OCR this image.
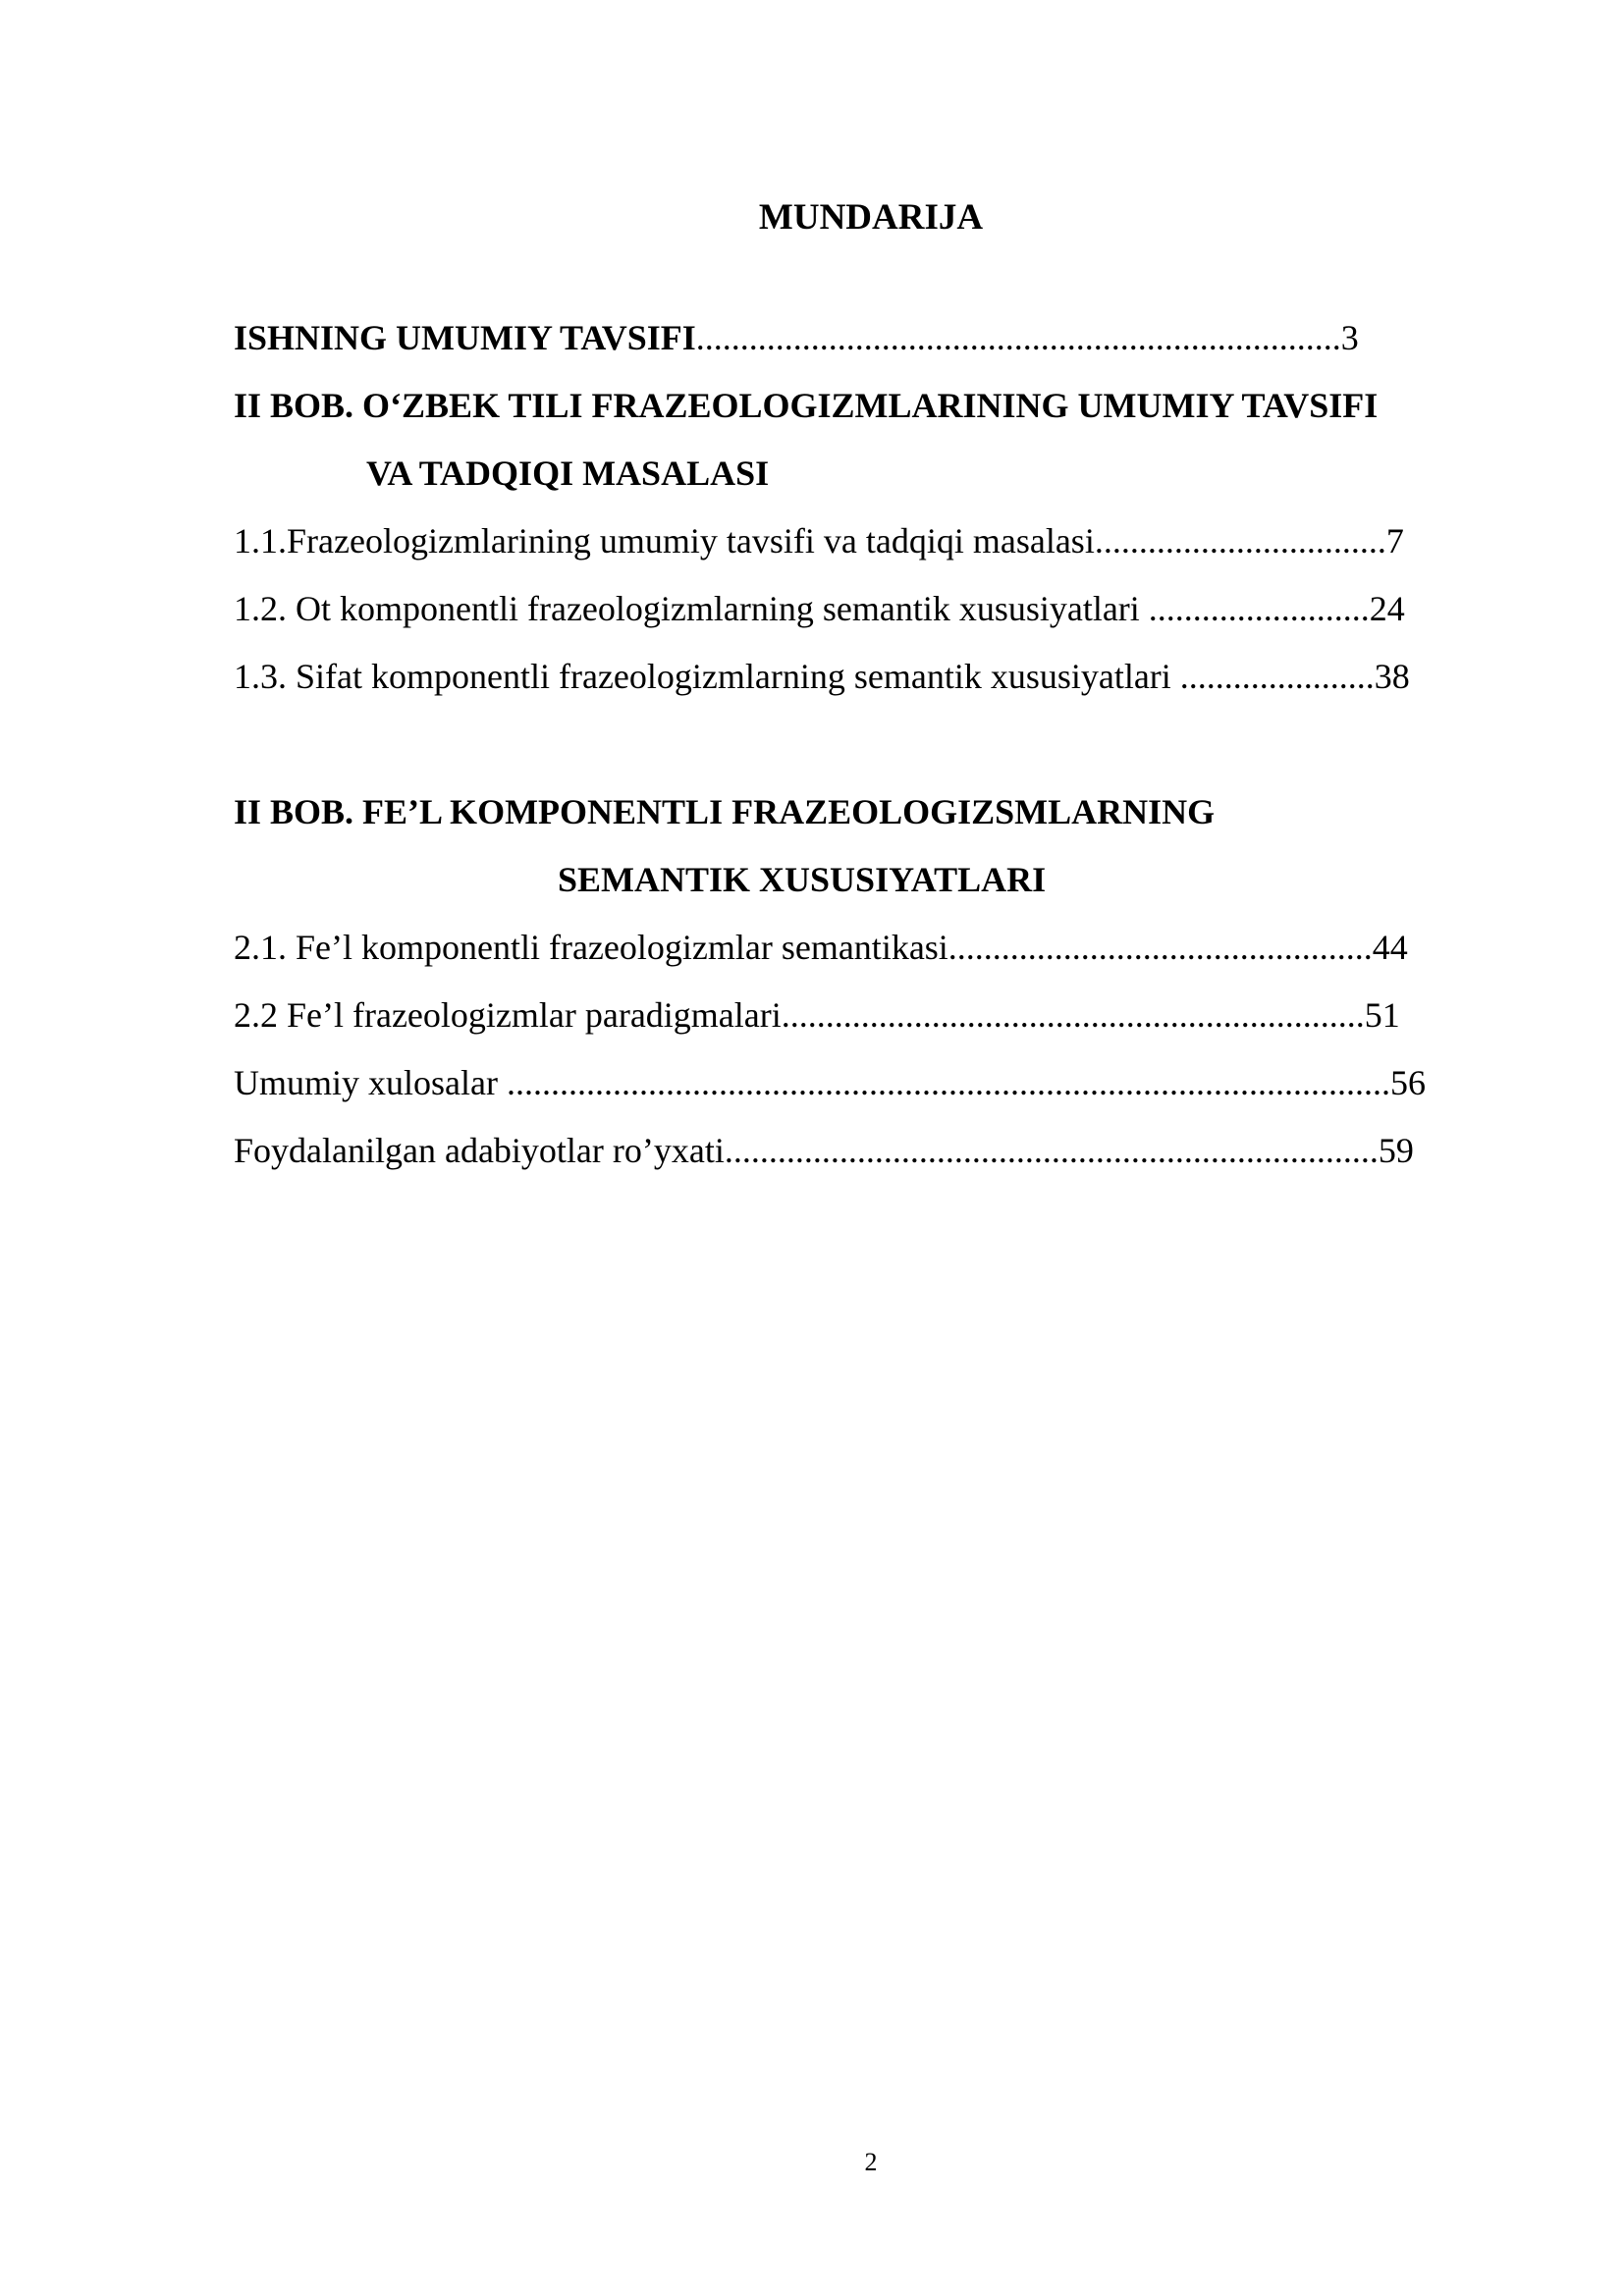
MUNDARIJA
ISHNING UMUMIY TAVSIFI.........................................................................3
II BOB. O‘ZBEK TILI FRAZEOLOGIZMLARINING UMUMIY TAVSIFI
VA TADQIQI MASALASI
1.1.Frazeologizmlarining umumiy tavsifi va tadqiqi masalasi.................................7
1.2. Ot komponentli frazeologizmlarning semantik xususiyatlari .........................24
1.3. Sifat komponentli frazeologizmlarning semantik xususiyatlari ......................38
II BOB. FE’L KOMPONENTLI FRAZEOLOGIZSMLARNING
SEMANTIK XUSUSIYATLARI
2.1. Fe’l komponentli frazeologizmlar semantikasi................................................44
2.2 Fe’l frazeologizmlar paradigmalari..................................................................51
Umumiy xulosalar ....................................................................................................56
Foydalanilgan adabiyotlar ro’yxati..........................................................................59
2
